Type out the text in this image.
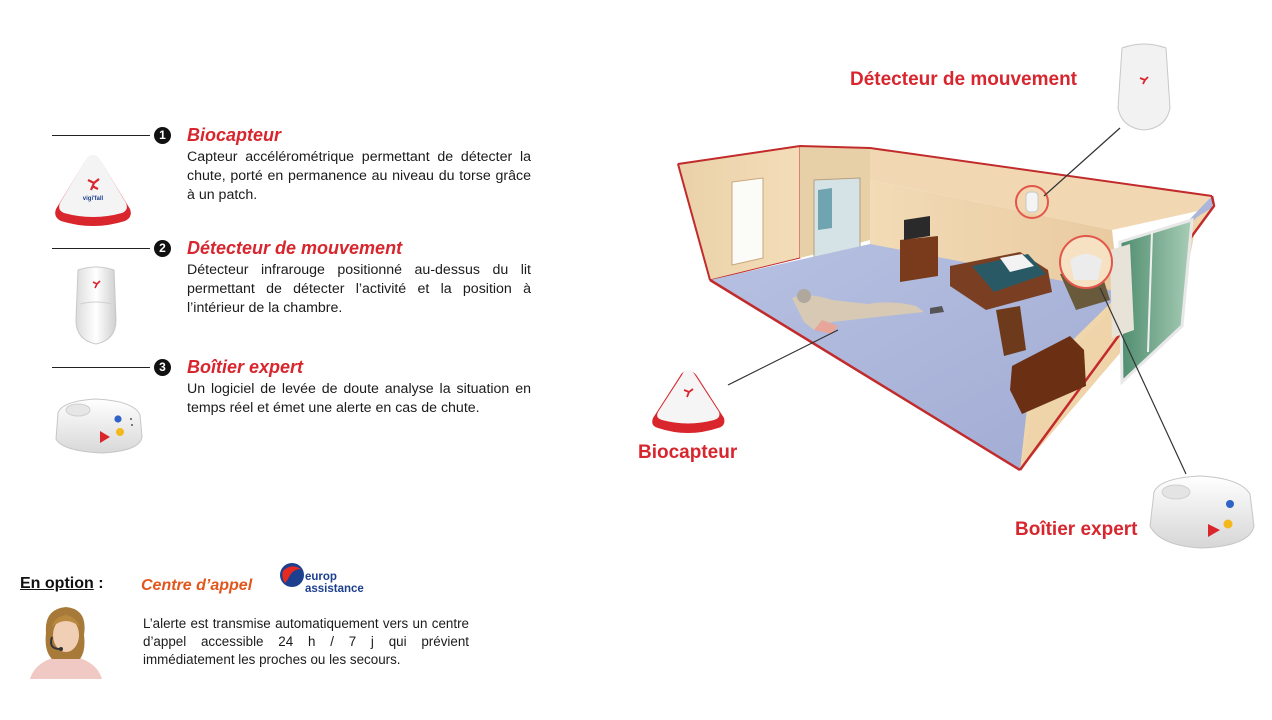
1 Biocapteur
Capteur accélérométrique permettant de détecter la chute, porté en permanence au niveau du torse grâce à un patch.
vigi'fall
2 Détecteur de mouvement
Détecteur infrarouge positionné au-dessus du lit permettant de détecter l’activité et la position à l’intérieur de la chambre.
3 Boîtier expert
Un logiciel de levée de doute analyse la situation en temps réel et émet une alerte en cas de chute.
Détecteur de mouvement
Biocapteur
Boîtier expert
En option : Centre d’appel	europ
assistance
L’alerte est transmise automatiquement vers un centre d’appel accessible 24 h / 7 j qui prévient immédiatement les proches ou les secours.
